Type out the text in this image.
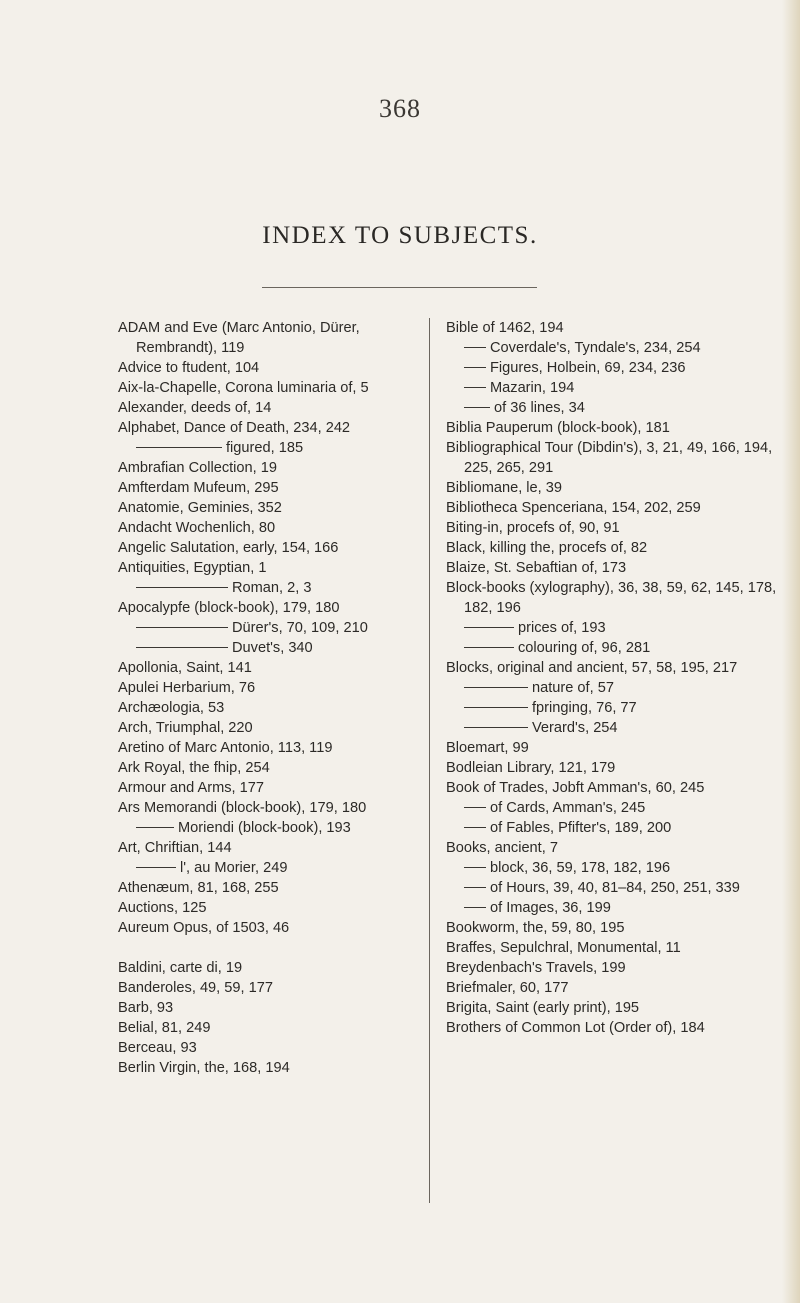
368
INDEX TO SUBJECTS.
ADAM and Eve (Marc Antonio, Dürer, Rembrandt), 119
Advice to ftudent, 104
Aix-la-Chapelle, Corona luminaria of, 5
Alexander, deeds of, 14
Alphabet, Dance of Death, 234, 242
figured, 185
Ambrafian Collection, 19
Amfterdam Mufeum, 295
Anatomie, Geminies, 352
Andacht Wochenlich, 80
Angelic Salutation, early, 154, 166
Antiquities, Egyptian, 1
Roman, 2, 3
Apocalypfe (block-book), 179, 180
Dürer's, 70, 109, 210
Duvet's, 340
Apollonia, Saint, 141
Apulei Herbarium, 76
Archæologia, 53
Arch, Triumphal, 220
Aretino of Marc Antonio, 113, 119
Ark Royal, the fhip, 254
Armour and Arms, 177
Ars Memorandi (block-book), 179, 180
Moriendi (block-book), 193
Art, Chriftian, 144
l', au Morier, 249
Athenæum, 81, 168, 255
Auctions, 125
Aureum Opus, of 1503, 46
Baldini, carte di, 19
Banderoles, 49, 59, 177
Barb, 93
Belial, 81, 249
Berceau, 93
Berlin Virgin, the, 168, 194
Bible of 1462, 194
Coverdale's, Tyndale's, 234, 254
Figures, Holbein, 69, 234, 236
Mazarin, 194
of 36 lines, 34
Biblia Pauperum (block-book), 181
Bibliographical Tour (Dibdin's), 3, 21, 49, 166, 194, 225, 265, 291
Bibliomane, le, 39
Bibliotheca Spenceriana, 154, 202, 259
Biting-in, procefs of, 90, 91
Black, killing the, procefs of, 82
Blaize, St. Sebaftian of, 173
Block-books (xylography), 36, 38, 59, 62, 145, 178, 182, 196
prices of, 193
colouring of, 96, 281
Blocks, original and ancient, 57, 58, 195, 217
nature of, 57
fpringing, 76, 77
Verard's, 254
Bloemart, 99
Bodleian Library, 121, 179
Book of Trades, Jobft Amman's, 60, 245
of Cards, Amman's, 245
of Fables, Pfifter's, 189, 200
Books, ancient, 7
block, 36, 59, 178, 182, 196
of Hours, 39, 40, 81–84, 250, 251, 339
of Images, 36, 199
Bookworm, the, 59, 80, 195
Braffes, Sepulchral, Monumental, 11
Breydenbach's Travels, 199
Briefmaler, 60, 177
Brigita, Saint (early print), 195
Brothers of Common Lot (Order of), 184
